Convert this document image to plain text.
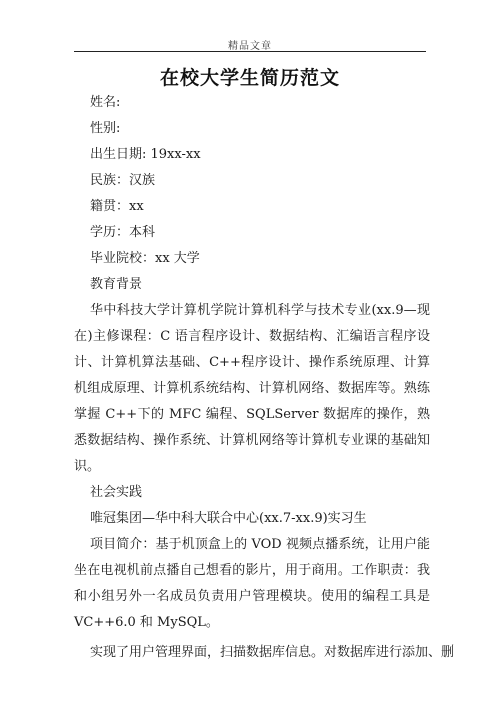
精品文章
在校大学生简历范文
姓名:
性别:
出生日期: 19xx-xx
民族：汉族
籍贯：xx
学历：本科
毕业院校：xx 大学
教育背景

华中科技大学计算机学院计算机科学与技术专业(xx.9—现在)主修课程：C 语言程序设计、数据结构、汇编语言程序设计、计算机算法基础、C++程序设计、操作系统原理、计算机组成原理、计算机系统结构、计算机网络、数据库等。熟练掌握 C++下的 MFC 编程、SQLServer 数据库的操作，熟悉数据结构、操作系统、计算机网络等计算机专业课的基础知识。

社会实践
唯冠集团—华中科大联合中心(xx.7-xx.9)实习生

项目简介：基于机顶盒上的 VOD 视频点播系统，让用户能坐在电视机前点播自己想看的影片，用于商用。工作职责：我和小组另外一名成员负责用户管理模块。使用的编程工具是 VC++6.0 和 MySQL。

实现了用户管理界面，扫描数据库信息。对数据库进行添加、删
